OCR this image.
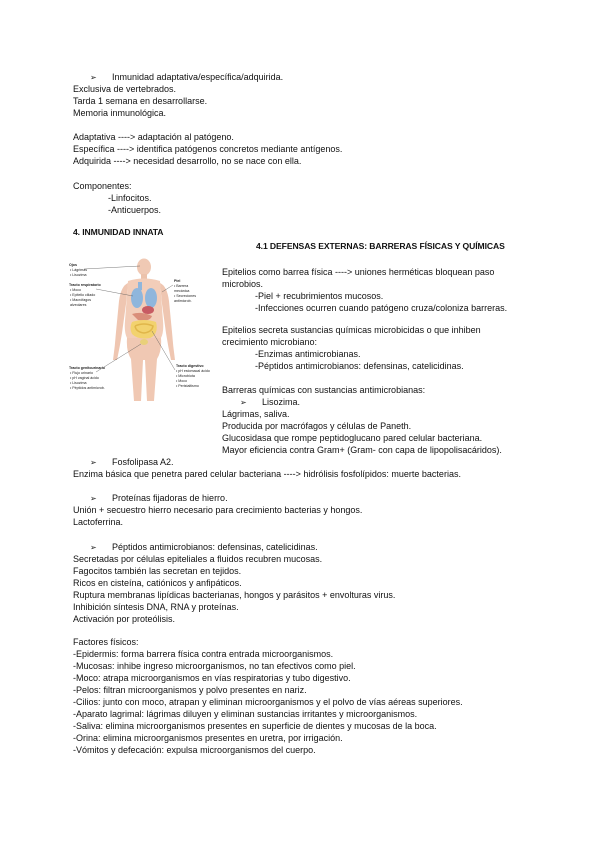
➢ Inmunidad adaptativa/específica/adquirida.
Exclusiva de vertebrados.
Tarda 1 semana en desarrollarse.
Memoria inmunológica.
Adaptativa ----> adaptación al patógeno.
Específica ----> identifica patógenos concretos mediante antígenos.
Adquirida ----> necesidad desarrollo, no se nace con ella.
Componentes:
-Linfocitos.
-Anticuerpos.
4. INMUNIDAD INNATA
4.1 DEFENSAS EXTERNAS: BARRERAS FÍSICAS Y QUÍMICAS
Ojos
• Lágrimas
• Lisozima
Tracto respiratorio
• Moco
• Epitelio ciliado
• Macrófagos
alveolares
Piel
• Barrera
mecánica
• Secreciones
antimicrob.
Tracto genitourinario
• Flujo urinario
• pH vaginal ácido
• Lisozima
• Péptidos antimicrob.
Tracto digestivo
• pH estomacal ácido
• Microbiota
• Moco
• Peristaltismo
Epitelios como barrea física ----> uniones herméticas bloquean paso
microbios.
-Piel + recubrimientos mucosos.
-Infecciones ocurren cuando patógeno cruza/coloniza barreras.
Epitelios secreta sustancias químicas microbicidas o que inhiben
crecimiento microbiano:
-Enzimas antimicrobianas.
-Péptidos antimicrobianos: defensinas, catelicidinas.
Barreras químicas con sustancias antimicrobianas:
➢ Lisozima.
Lágrimas, saliva.
Producida por macrófagos y células de Paneth.
Glucosidasa que rompe peptidoglucano pared celular bacteriana.
Mayor eficiencia contra Gram+ (Gram- con capa de lipopolisacáridos).
➢ Fosfolipasa A2.
Enzima básica que penetra pared celular bacteriana ----> hidrólisis fosfolípidos: muerte bacterias.
➢ Proteínas fijadoras de hierro.
Unión + secuestro hierro necesario para crecimiento bacterias y hongos.
Lactoferrina.
➢ Péptidos antimicrobianos: defensinas, catelicidinas.
Secretadas por células epiteliales a fluidos recubren mucosas.
Fagocitos también las secretan en tejidos.
Ricos en cisteína, catiónicos y anfipáticos.
Ruptura membranas lipídicas bacterianas, hongos y parásitos + envolturas virus.
Inhibición síntesis DNA, RNA y proteínas.
Activación por proteólisis.
Factores físicos:
-Epidermis: forma barrera física contra entrada microorganismos.
-Mucosas: inhibe ingreso microorganismos, no tan efectivos como piel.
-Moco: atrapa microorganismos en vías respiratorias y tubo digestivo.
-Pelos: filtran microorganismos y polvo presentes en nariz.
-Cilios: junto con moco, atrapan y eliminan microorganismos y el polvo de vías aéreas superiores.
-Aparato lagrimal: lágrimas diluyen y eliminan sustancias irritantes y microorganismos.
-Saliva: elimina microorganismos presentes en superficie de dientes y mucosas de la boca.
-Orina: elimina microorganismos presentes en uretra, por irrigación.
-Vómitos y defecación: expulsa microorganismos del cuerpo.
